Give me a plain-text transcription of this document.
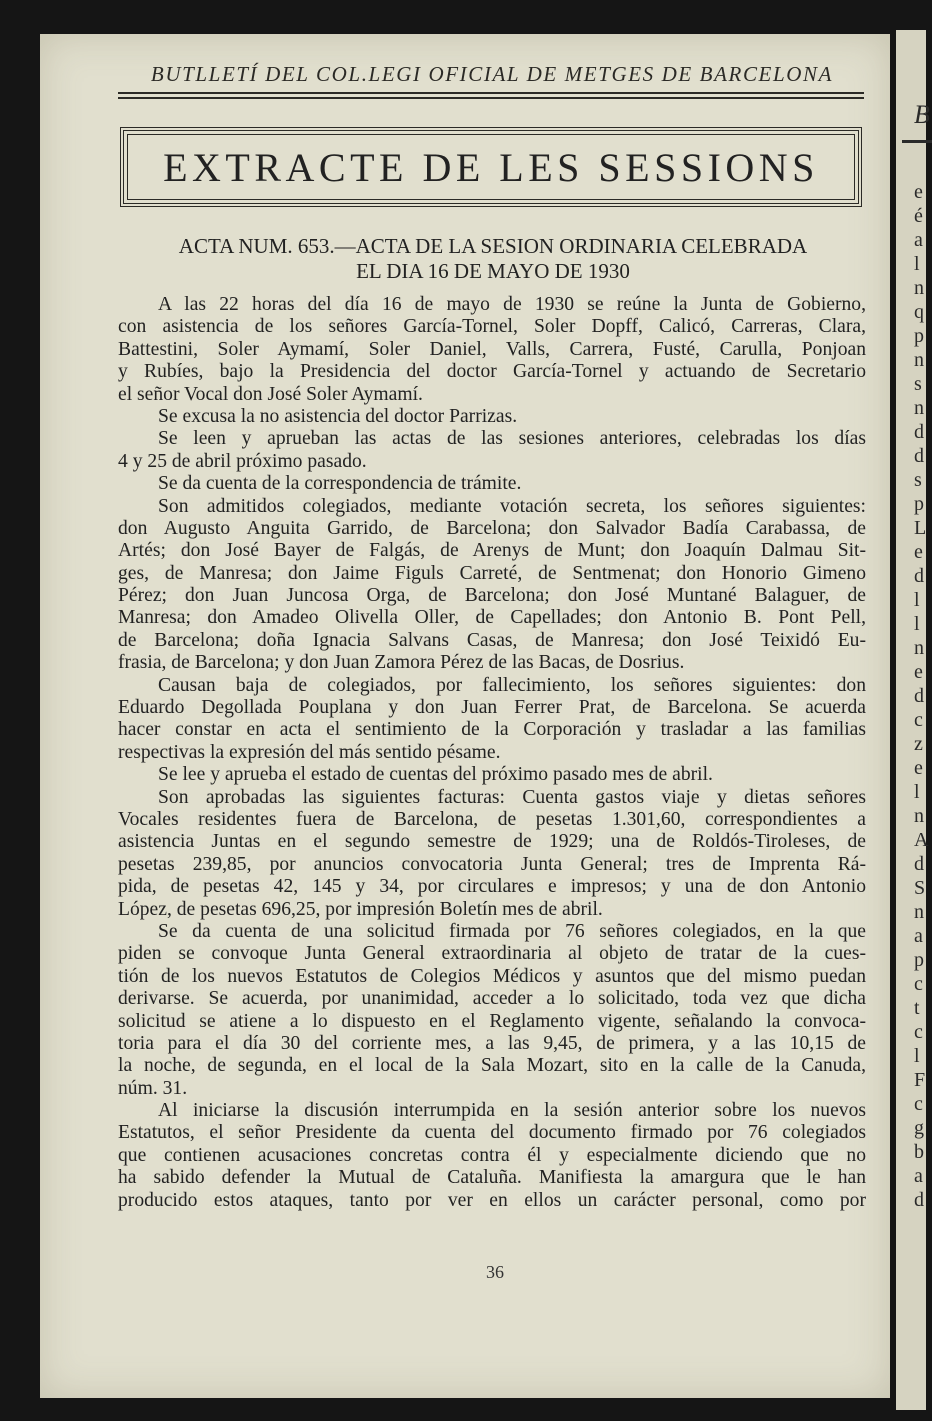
B
e
é
a
l
n
q
p
n
s
n
d
d
s
p
L
e
d
l
l
n
e
d
c
z
e
l
n
A
d
S
n
a
p
c
t
c
l
F
c
g
b
a
d
BUTLLETÍ DEL COL.LEGI OFICIAL DE METGES DE BARCELONA
EXTRACTE DE LES SESSIONS
ACTA NUM. 653.—ACTA DE LA SESION ORDINARIA CELEBRADA
EL DIA 16 DE MAYO DE 1930
A las 22 horas del día 16 de mayo de 1930 se reúne la Junta de Gobierno,
con asistencia de los señores García-Tornel, Soler Dopff, Calicó, Carreras, Clara,
Battestini, Soler Aymamí, Soler Daniel, Valls, Carrera, Fusté, Carulla, Ponjoan
y Rubíes, bajo la Presidencia del doctor García-Tornel y actuando de Secretario
el señor Vocal don José Soler Aymamí.
Se excusa la no asistencia del doctor Parrizas.
Se leen y aprueban las actas de las sesiones anteriores, celebradas los días
4 y 25 de abril próximo pasado.
Se da cuenta de la correspondencia de trámite.
Son admitidos colegiados, mediante votación secreta, los señores siguientes:
don Augusto Anguita Garrido, de Barcelona; don Salvador Badía Carabassa, de
Artés; don José Bayer de Falgás, de Arenys de Munt; don Joaquín Dalmau Sit-
ges, de Manresa; don Jaime Figuls Carreté, de Sentmenat; don Honorio Gimeno
Pérez; don Juan Juncosa Orga, de Barcelona; don José Muntané Balaguer, de
Manresa; don Amadeo Olivella Oller, de Capellades; don Antonio B. Pont Pell,
de Barcelona; doña Ignacia Salvans Casas, de Manresa; don José Teixidó Eu-
frasia, de Barcelona; y don Juan Zamora Pérez de las Bacas, de Dosrius.
Causan baja de colegiados, por fallecimiento, los señores siguientes: don
Eduardo Degollada Pouplana y don Juan Ferrer Prat, de Barcelona. Se acuerda
hacer constar en acta el sentimiento de la Corporación y trasladar a las familias
respectivas la expresión del más sentido pésame.
Se lee y aprueba el estado de cuentas del próximo pasado mes de abril.
Son aprobadas las siguientes facturas: Cuenta gastos viaje y dietas señores
Vocales residentes fuera de Barcelona, de pesetas 1.301,60, correspondientes a
asistencia Juntas en el segundo semestre de 1929; una de Roldós-Tiroleses, de
pesetas 239,85, por anuncios convocatoria Junta General; tres de Imprenta Rá-
pida, de pesetas 42, 145 y 34, por circulares e impresos; y una de don Antonio
López, de pesetas 696,25, por impresión Boletín mes de abril.
Se da cuenta de una solicitud firmada por 76 señores colegiados, en la que
piden se convoque Junta General extraordinaria al objeto de tratar de la cues-
tión de los nuevos Estatutos de Colegios Médicos y asuntos que del mismo puedan
derivarse. Se acuerda, por unanimidad, acceder a lo solicitado, toda vez que dicha
solicitud se atiene a lo dispuesto en el Reglamento vigente, señalando la convoca-
toria para el día 30 del corriente mes, a las 9,45, de primera, y a las 10,15 de
la noche, de segunda, en el local de la Sala Mozart, sito en la calle de la Canuda,
núm. 31.
Al iniciarse la discusión interrumpida en la sesión anterior sobre los nuevos
Estatutos, el señor Presidente da cuenta del documento firmado por 76 colegiados
que contienen acusaciones concretas contra él y especialmente diciendo que no
ha sabido defender la Mutual de Cataluña. Manifiesta la amargura que le han
producido estos ataques, tanto por ver en ellos un carácter personal, como por
36
